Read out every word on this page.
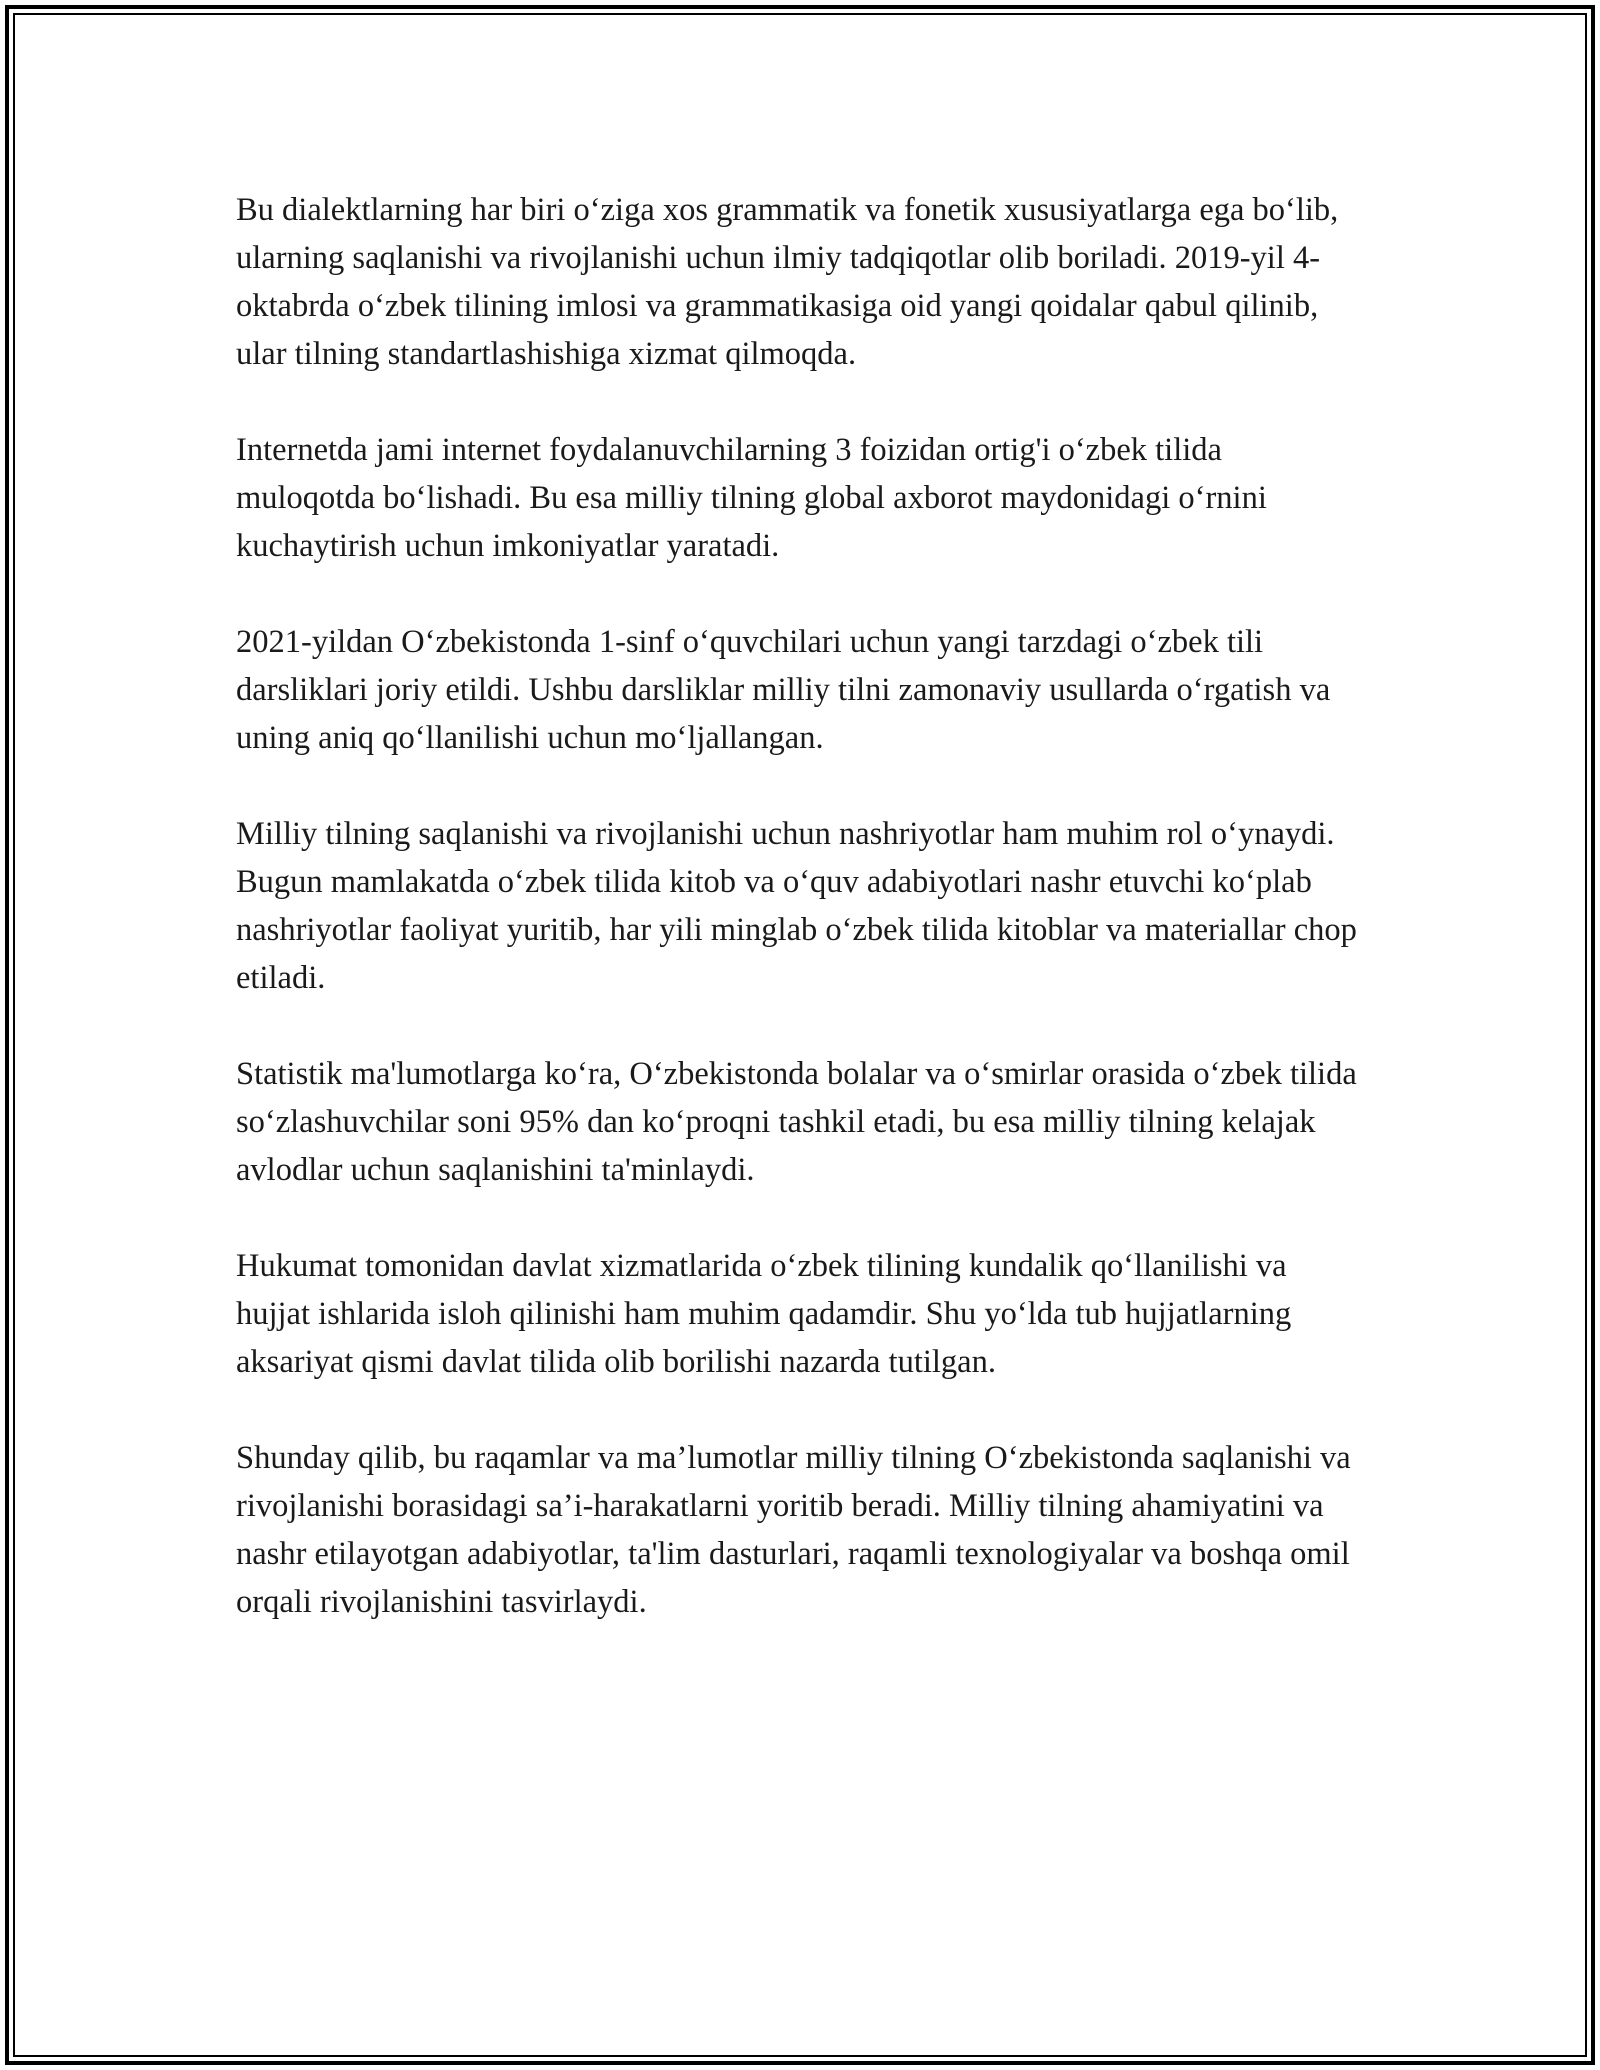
Bu dialektlarning har biri o‘ziga xos grammatik va fonetik xususiyatlarga ega bo‘lib, ularning saqlanishi va rivojlanishi uchun ilmiy tadqiqotlar olib boriladi. 2019-yil 4-oktabrda o‘zbek tilining imlosi va grammatikasiga oid yangi qoidalar qabul qilinib, ular tilning standartlashishiga xizmat qilmoqda.

Internetda jami internet foydalanuvchilarning 3 foizidan ortig'i o‘zbek tilida muloqotda bo‘lishadi. Bu esa milliy tilning global axborot maydonidagi o‘rnini kuchaytirish uchun imkoniyatlar yaratadi.

2021-yildan O‘zbekistonda 1-sinf o‘quvchilari uchun yangi tarzdagi o‘zbek tili darsliklari joriy etildi. Ushbu darsliklar milliy tilni zamonaviy usullarda o‘rgatish va uning aniq qo‘llanilishi uchun mo‘ljallangan.

Milliy tilning saqlanishi va rivojlanishi uchun nashriyotlar ham muhim rol o‘ynaydi. Bugun mamlakatda o‘zbek tilida kitob va o‘quv adabiyotlari nashr etuvchi ko‘plab nashriyotlar faoliyat yuritib, har yili minglab o‘zbek tilida kitoblar va materiallar chop etiladi.

Statistik ma'lumotlarga ko‘ra, O‘zbekistonda bolalar va o‘smirlar orasida o‘zbek tilida so‘zlashuvchilar soni 95% dan ko‘proqni tashkil etadi, bu esa milliy tilning kelajak avlodlar uchun saqlanishini ta'minlaydi.

Hukumat tomonidan davlat xizmatlarida o‘zbek tilining kundalik qo‘llanilishi va hujjat ishlarida isloh qilinishi ham muhim qadamdir. Shu yo‘lda tub hujjatlarning aksariyat qismi davlat tilida olib borilishi nazarda tutilgan.

Shunday qilib, bu raqamlar va ma’lumotlar milliy tilning O‘zbekistonda saqlanishi va rivojlanishi borasidagi sa’i-harakatlarni yoritib beradi. Milliy tilning ahamiyatini va nashr etilayotgan adabiyotlar, ta'lim dasturlari, raqamli texnologiyalar va boshqa omil orqali rivojlanishini tasvirlaydi.
